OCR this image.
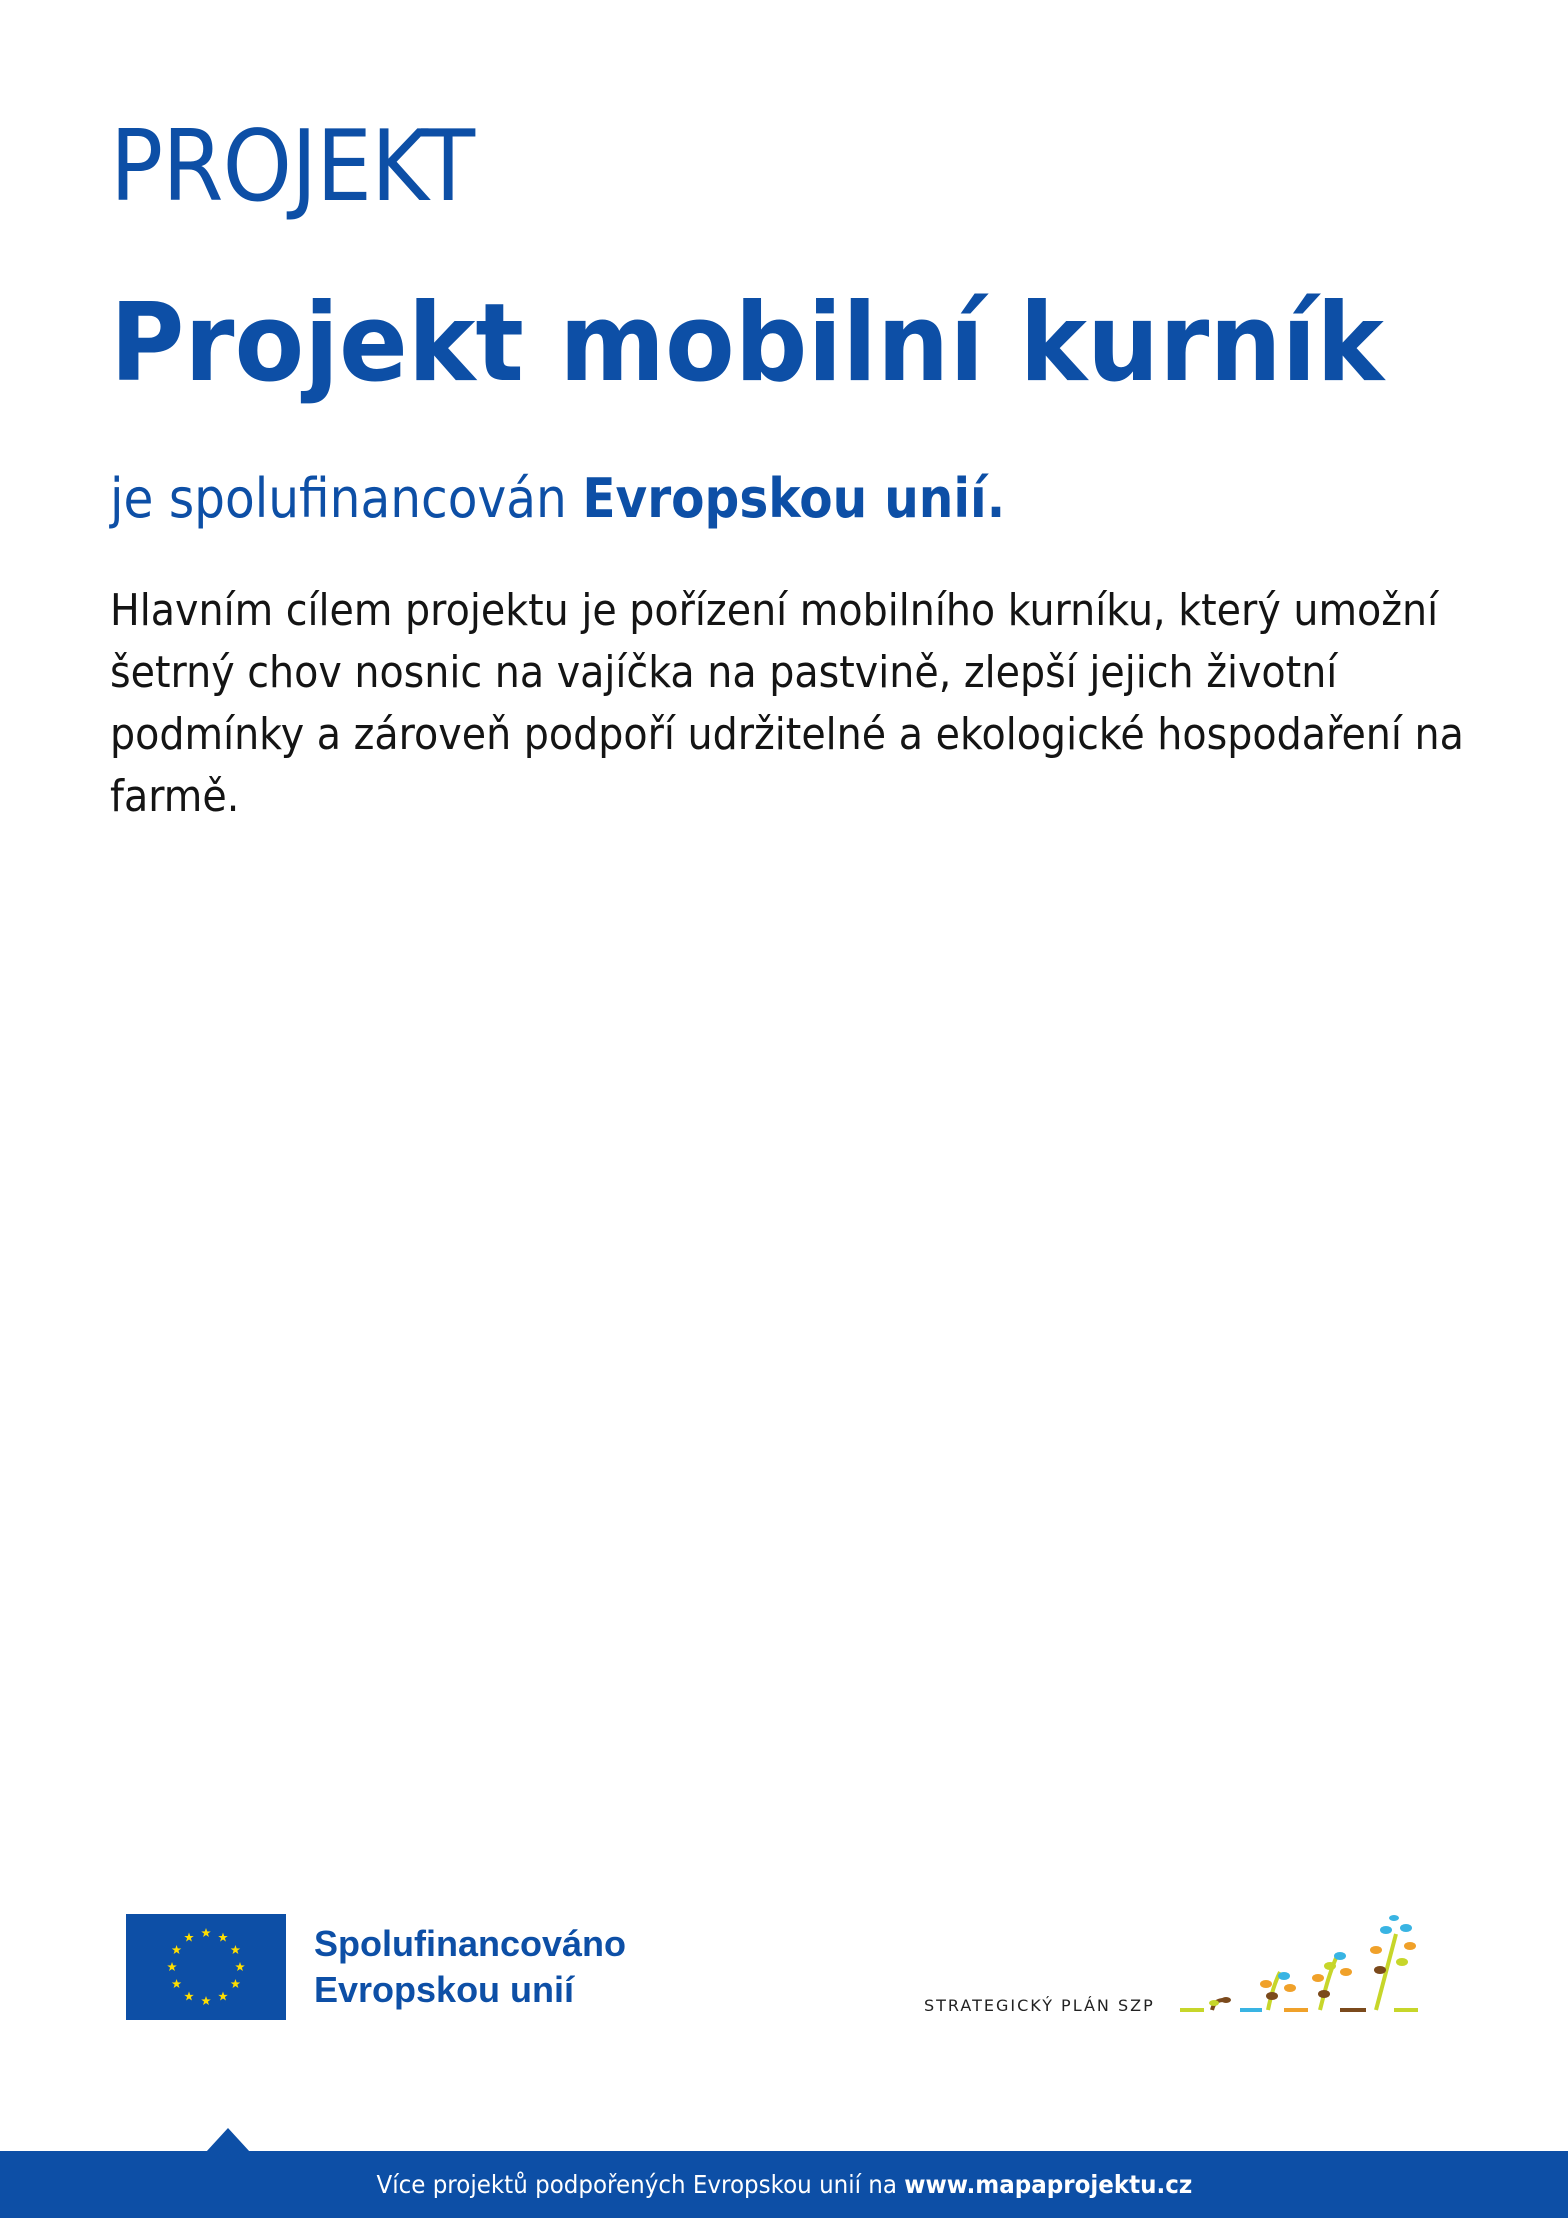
PROJEKT
Projekt mobilní kurník
je spolufinancován Evropskou unií.
Hlavním cílem projektu je pořízení mobilního kurníku, který umožní šetrný chov nosnic na vajíčka na pastvině, zlepší jejich životní podmínky a zároveň podpoří udržitelné a ekologické hospodaření na farmě.
Spolufinancováno
Evropskou unií	STRATEGICKÝ PLÁN SZP
Více projektů podpořených Evropskou unií na www.mapaprojektu.cz
